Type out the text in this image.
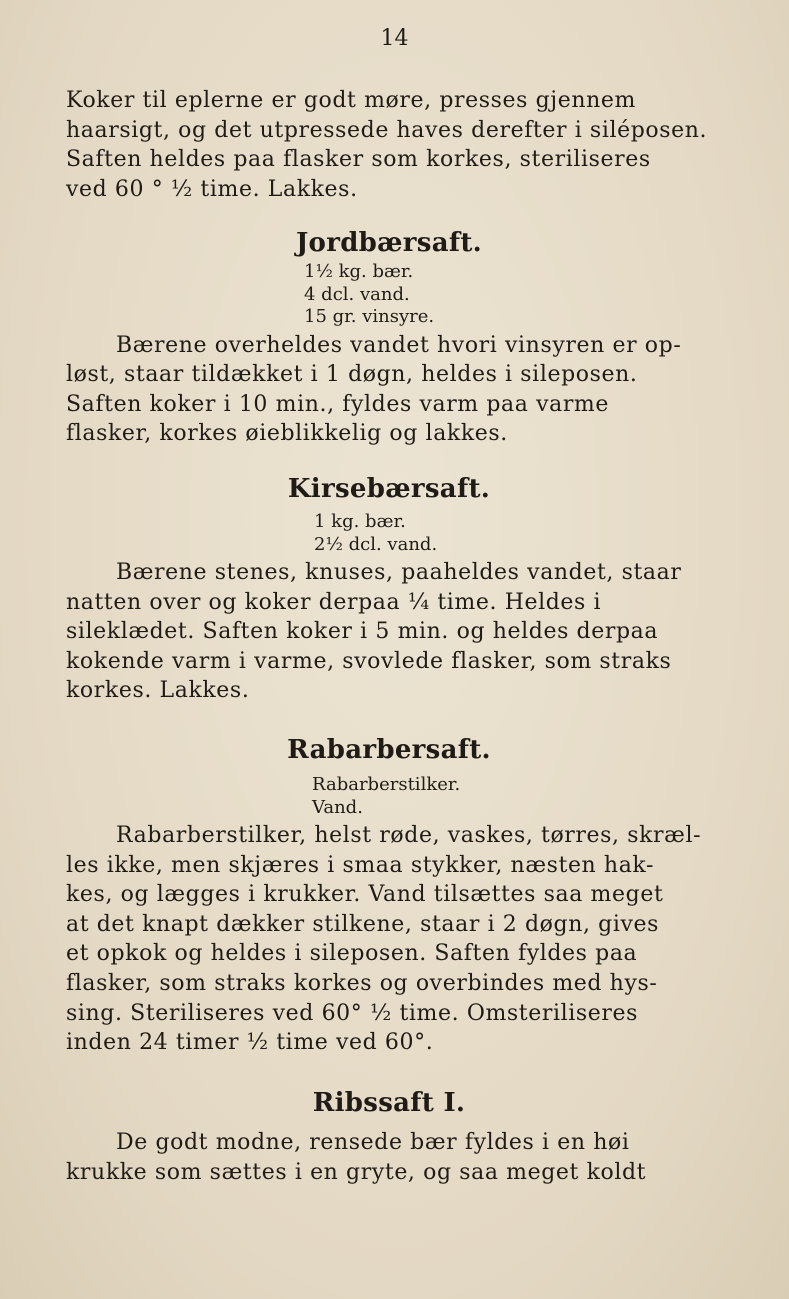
14

Koker til eplerne er godt møre, presses gjennem

haarsigt, og det utpressede haves derefter i siléposen.

Saften heldes paa flasker som korkes, steriliseres

ved 60 ° ½ time. Lakkes.

Jordbærsaft.
1½ kg. bær.
4 dcl. vand.
15 gr. vinsyre.

Bærene overheldes vandet hvori vinsyren er op-

løst, staar tildækket i 1 døgn, heldes i sileposen.

Saften koker i 10 min., fyldes varm paa varme

flasker, korkes øieblikkelig og lakkes.

Kirsebærsaft.
1 kg. bær.
2½ dcl. vand.

Bærene stenes, knuses, paaheldes vandet, staar

natten over og koker derpaa ¼ time. Heldes i

sileklædet. Saften koker i 5 min. og heldes derpaa

kokende varm i varme, svovlede flasker, som straks

korkes. Lakkes.

Rabarbersaft.
Rabarberstilker.
Vand.

Rabarberstilker, helst røde, vaskes, tørres, skræl-

les ikke, men skjæres i smaa stykker, næsten hak-

kes, og lægges i krukker. Vand tilsættes saa meget

at det knapt dækker stilkene, staar i 2 døgn, gives

et opkok og heldes i sileposen. Saften fyldes paa

flasker, som straks korkes og overbindes med hys-

sing. Steriliseres ved 60° ½ time. Omsteriliseres

inden 24 timer ½ time ved 60°.

Ribssaft I.

De godt modne, rensede bær fyldes i en høi

krukke som sættes i en gryte, og saa meget koldt
